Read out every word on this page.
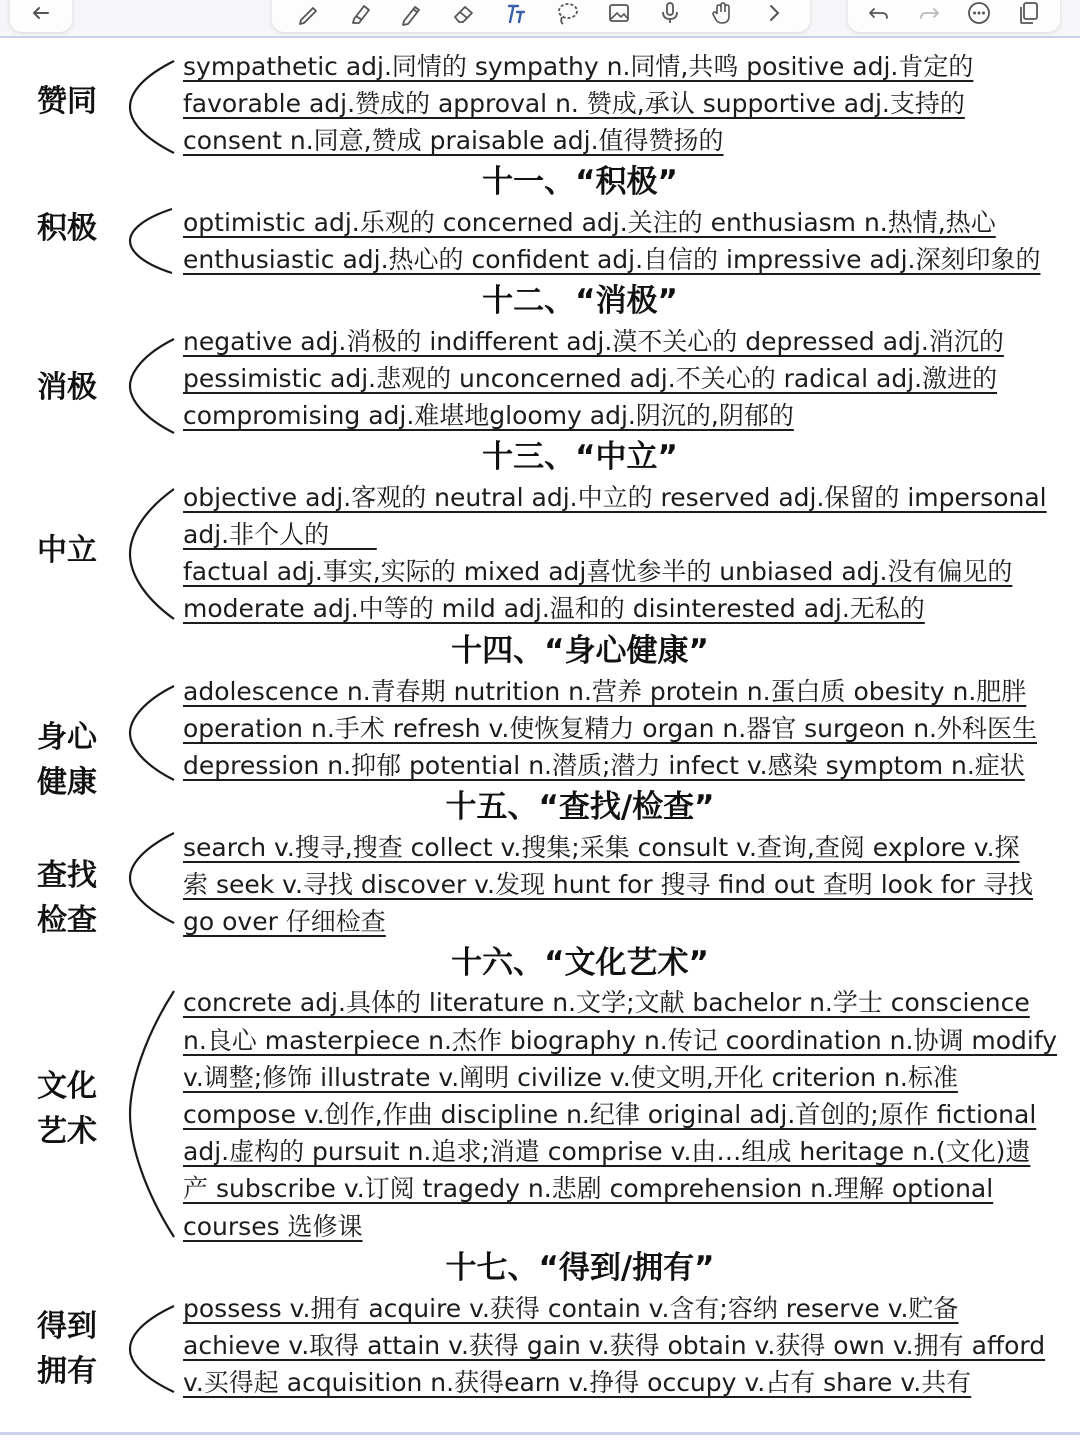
赞同
sympathetic adj.同情的 sympathy n.同情,共鸣 positive adj.肯定的
favorable adj.赞成的 approval n. 赞成,承认 supportive adj.支持的
consent n.同意,赞成 praisable adj.值得赞扬的
十一、“积极”
积极	optimistic adj.乐观的 concerned adj.关注的 enthusiasm n.热情,热心
enthusiastic adj.热心的 confident adj.自信的 impressive adj.深刻印象的
十二、“消极”
消极
negative adj.消极的 indifferent adj.漠不关心的 depressed adj.消沉的
pessimistic adj.悲观的 unconcerned adj.不关心的 radical adj.激进的
compromising adj.难堪地gloomy adj.阴沉的,阴郁的
十三、“中立”
中立
objective adj.客观的 neutral adj.中立的 reserved adj.保留的 impersonal
adj.非个人的
factual adj.事实,实际的 mixed adj喜忧参半的 unbiased adj.没有偏见的
moderate adj.中等的 mild adj.温和的 disinterested adj.无私的
十四、“身心健康”
身心
健康
adolescence n.青春期 nutrition n.营养 protein n.蛋白质 obesity n.肥胖
operation n.手术 refresh v.使恢复精力 organ n.器官 surgeon n.外科医生
depression n.抑郁 potential n.潜质;潜力 infect v.感染 symptom n.症状
十五、“查找/检查”
查找
检查
search v.搜寻,搜查 collect v.搜集;采集 consult v.查询,查阅 explore v.探
索 seek v.寻找 discover v.发现 hunt for 搜寻 find out 查明 look for 寻找
go over 仔细检查
十六、“文化艺术”
文化
艺术
concrete adj.具体的 literature n.文学;文献 bachelor n.学士 conscience
n.良心 masterpiece n.杰作 biography n.传记 coordination n.协调 modify
v.调整;修饰 illustrate v.阐明 civilize v.使文明,开化 criterion n.标准
compose v.创作,作曲 discipline n.纪律 original adj.首创的;原作 fictional
adj.虚构的 pursuit n.追求;消遣 comprise v.由…组成 heritage n.(文化)遗
产 subscribe v.订阅 tragedy n.悲剧 comprehension n.理解 optional
courses 选修课
十七、“得到/拥有”
得到
拥有
possess v.拥有 acquire v.获得 contain v.含有;容纳 reserve v.贮备
achieve v.取得 attain v.获得 gain v.获得 obtain v.获得 own v.拥有 afford
v.买得起 acquisition n.获得earn v.挣得 occupy v.占有 share v.共有
